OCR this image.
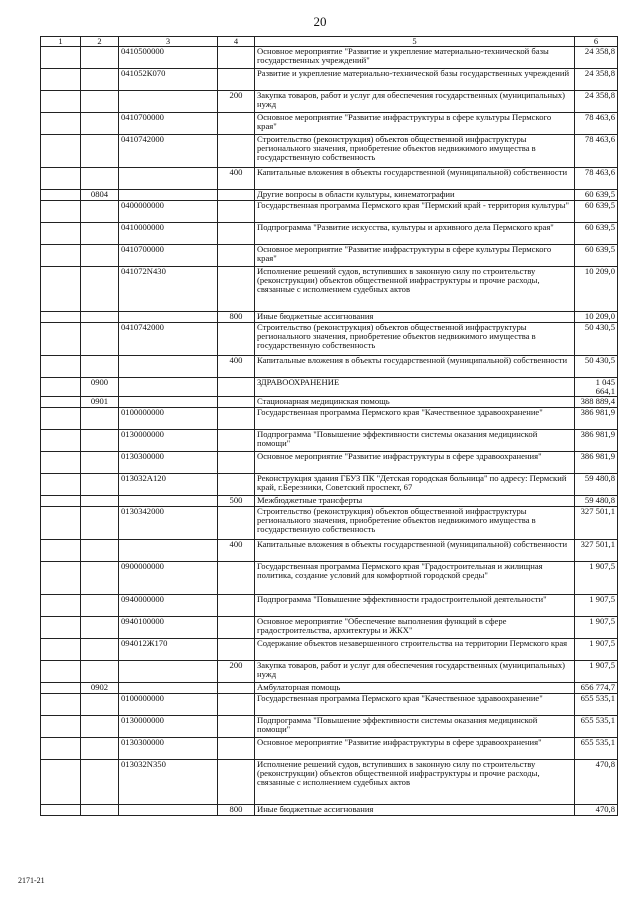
20
1	2	3	4	5	6
		0410500000		Основное мероприятие "Развитие и укрепление материально-технической базы государственных учреждений"	24 358,8
		041052К070		Развитие и укрепление материально-технической базы государственных учреждений	24 358,8
			200	Закупка товаров, работ и услуг для обеспечения государственных (муниципальных) нужд	24 358,8
		0410700000		Основное мероприятие "Развитие инфраструктуры в сфере культуры Пермского края"	78 463,6
		0410742000		Строительство (реконструкция) объектов общественной инфраструктуры регионального значения, приобретение объектов недвижимого имущества в государственную собственность	78 463,6
			400	Капитальные вложения в объекты государственной (муниципальной) собственности	78 463,6
	0804			Другие вопросы в области культуры, кинематографии	60 639,5
		0400000000		Государственная программа Пермского края "Пермский край - территория культуры"	60 639,5
		0410000000		Подпрограмма "Развитие искусства, культуры и архивного дела Пермского края"	60 639,5
		0410700000		Основное мероприятие "Развитие инфраструктуры в сфере культуры Пермского края"	60 639,5
		041072N430		Исполнение решений судов, вступивших в законную силу по строительству (реконструкции) объектов общественной инфраструктуры и прочие расходы, связанные с исполнением судебных актов	10 209,0
			800	Иные бюджетные ассигнования	10 209,0
		0410742000		Строительство (реконструкция) объектов общественной инфраструктуры регионального значения, приобретение объектов недвижимого имущества в государственную собственность	50 430,5
			400	Капитальные вложения в объекты государственной (муниципальной) собственности	50 430,5
	0900			ЗДРАВООХРАНЕНИЕ	1 045 664,1
	0901			Стационарная медицинская помощь	388 889,4
		0100000000		Государственная программа Пермского края "Качественное здравоохранение"	386 981,9
		0130000000		Подпрограмма "Повышение эффективности системы оказания медицинской помощи"	386 981,9
		0130300000		Основное мероприятие "Развитие инфраструктуры в сфере здравоохранения"	386 981,9
		013032А120		Реконструкция здания ГБУЗ ПК "Детская городская больница" по адресу: Пермский край, г.Березники, Советский проспект, 67	59 480,8
			500	Межбюджетные трансферты	59 480,8
		0130342000		Строительство (реконструкция) объектов общественной инфраструктуры регионального значения, приобретение объектов недвижимого имущества в государственную собственность	327 501,1
			400	Капитальные вложения в объекты государственной (муниципальной) собственности	327 501,1
		0900000000		Государственная программа Пермского края "Градостроительная и жилищная политика, создание условий для комфортной городской среды"	1 907,5
		0940000000		Подпрограмма "Повышение эффективности градостроительной деятельности"	1 907,5
		0940100000		Основное мероприятие "Обеспечение выполнения функций в сфере градостроительства, архитектуры и ЖКХ"	1 907,5
		094012Ж170		Содержание объектов незавершенного строительства на территории Пермского края	1 907,5
			200	Закупка товаров, работ и услуг для обеспечения государственных (муниципальных) нужд	1 907,5
	0902			Амбулаторная помощь	656 774,7
		0100000000		Государственная программа Пермского края "Качественное здравоохранение"	655 535,1
		0130000000		Подпрограмма "Повышение эффективности системы оказания медицинской помощи"	655 535,1
		0130300000		Основное мероприятие "Развитие инфраструктуры в сфере здравоохранения"	655 535,1
		013032N350		Исполнение решений судов, вступивших в законную силу по строительству (реконструкции) объектов общественной инфраструктуры и прочие расходы, связанные с исполнением судебных актов	470,8
			800	Иные бюджетные ассигнования	470,8
2171-21
